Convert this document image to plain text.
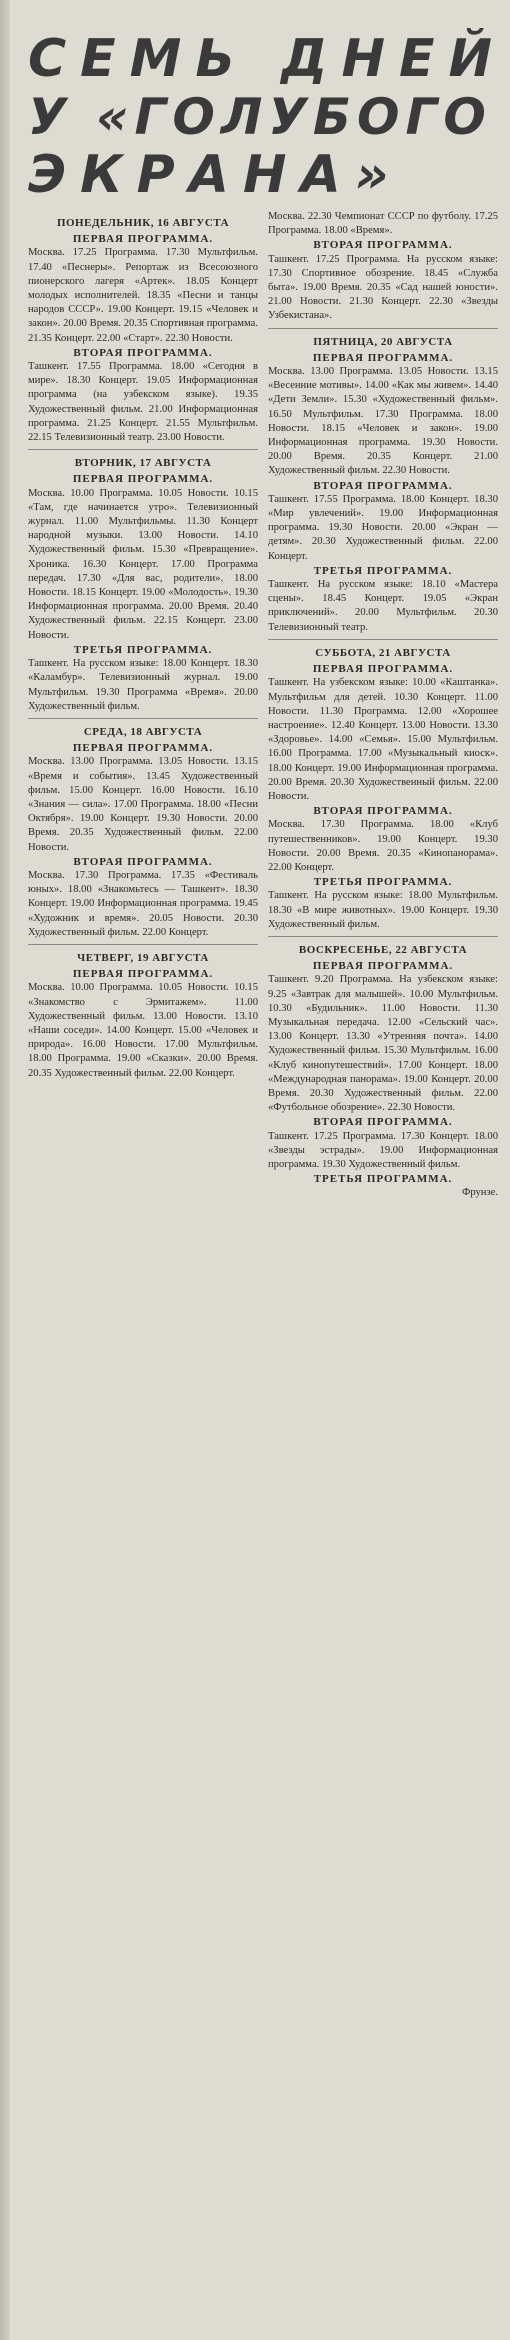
СЕМЬ ДНЕЙ
У «ГОЛУБОГО
ЭКРАНА»
ПОНЕДЕЛЬНИК, 16 АВГУСТА
ПЕРВАЯ ПРОГРАММА.

Москва. 17.25 Программа. 17.30 Мультфильм. 17.40 «Песнеры». Репортаж из Всесоюзного пионерского лагеря «Артек». 18.05 Концерт молодых исполнителей. 18.35 «Песни и танцы народов СССР». 19.00 Концерт. 19.15 «Человек и закон». 20.00 Время. 20.35 Спортивная программа. 21.35 Концерт. 22.00 «Старт». 22.30 Новости.

ВТОРАЯ ПРОГРАММА.

Ташкент. 17.55 Программа. 18.00 «Сегодня в мире». 18.30 Концерт. 19.05 Информационная программа (на узбекском языке). 19.35 Художественный фильм. 21.00 Информационная программа. 21.25 Концерт. 21.55 Мультфильм. 22.15 Телевизионный театр. 23.00 Новости.

ВТОРНИК, 17 АВГУСТА
ПЕРВАЯ ПРОГРАММА.

Москва. 10.00 Программа. 10.05 Новости. 10.15 «Там, где начинается утро». Телевизионный журнал. 11.00 Мультфильмы. 11.30 Концерт народной музыки. 13.00 Новости. 14.10 Художественный фильм. 15.30 «Превращение». Хроника. 16.30 Концерт. 17.00 Программа передач. 17.30 «Для вас, родители». 18.00 Новости. 18.15 Концерт. 19.00 «Молодость». 19.30 Информационная программа. 20.00 Время. 20.40 Художественный фильм. 22.15 Концерт. 23.00 Новости.

ТРЕТЬЯ ПРОГРАММА.

Ташкент. На русском языке: 18.00 Концерт. 18.30 «Каламбур». Телевизионный журнал. 19.00 Мультфильм. 19.30 Программа «Время». 20.00 Художественный фильм.

СРЕДА, 18 АВГУСТА
ПЕРВАЯ ПРОГРАММА.

Москва. 13.00 Программа. 13.05 Новости. 13.15 «Время и события». 13.45 Художественный фильм. 15.00 Концерт. 16.00 Новости. 16.10 «Знания — сила». 17.00 Программа. 18.00 «Песни Октября». 19.00 Концерт. 19.30 Новости. 20.00 Время. 20.35 Художественный фильм. 22.00 Новости.

ВТОРАЯ ПРОГРАММА.

Москва. 17.30 Программа. 17.35 «Фестиваль юных». 18.00 «Знакомьтесь — Ташкент». 18.30 Концерт. 19.00 Информационная программа. 19.45 «Художник и время». 20.05 Новости. 20.30 Художественный фильм. 22.00 Концерт.

ЧЕТВЕРГ, 19 АВГУСТА
ПЕРВАЯ ПРОГРАММА.

Москва. 10.00 Программа. 10.05 Новости. 10.15 «Знакомство с Эрмитажем». 11.00 Художественный фильм. 13.00 Новости. 13.10 «Наши соседи». 14.00 Концерт. 15.00 «Человек и природа». 16.00 Новости. 17.00 Мультфильм. 18.00 Программа. 19.00 «Сказки». 20.00 Время. 20.35 Художественный фильм. 22.00 Концерт.

Москва. 22.30 Чемпионат СССР по футболу. 17.25 Программа. 18.00 «Время».

ВТОРАЯ ПРОГРАММА.

Ташкент. 17.25 Программа. На русском языке: 17.30 Спортивное обозрение. 18.45 «Служба быта». 19.00 Время. 20.35 «Сад нашей юности». 21.00 Новости. 21.30 Концерт. 22.30 «Звезды Узбекистана».

ПЯТНИЦА, 20 АВГУСТА
ПЕРВАЯ ПРОГРАММА.

Москва. 13.00 Программа. 13.05 Новости. 13.15 «Весенние мотивы». 14.00 «Как мы живем». 14.40 «Дети Земли». 15.30 «Художественный фильм». 16.50 Мультфильм. 17.30 Программа. 18.00 Новости. 18.15 «Человек и закон». 19.00 Информационная программа. 19.30 Новости. 20.00 Время. 20.35 Концерт. 21.00 Художественный фильм. 22.30 Новости.

ВТОРАЯ ПРОГРАММА.

Ташкент. 17.55 Программа. 18.00 Концерт. 18.30 «Мир увлечений». 19.00 Информационная программа. 19.30 Новости. 20.00 «Экран — детям». 20.30 Художественный фильм. 22.00 Концерт.

ТРЕТЬЯ ПРОГРАММА.

Ташкент. На русском языке: 18.10 «Мастера сцены». 18.45 Концерт. 19.05 «Экран приключений». 20.00 Мультфильм. 20.30 Телевизионный театр.

СУББОТА, 21 АВГУСТА
ПЕРВАЯ ПРОГРАММА.

Ташкент. На узбекском языке: 10.00 «Каштанка». Мультфильм для детей. 10.30 Концерт. 11.00 Новости. 11.30 Программа. 12.00 «Хорошее настроение». 12.40 Концерт. 13.00 Новости. 13.30 «Здоровье». 14.00 «Семья». 15.00 Мультфильм. 16.00 Программа. 17.00 «Музыкальный киоск». 18.00 Концерт. 19.00 Информационная программа. 20.00 Время. 20.30 Художественный фильм. 22.00 Новости.

ВТОРАЯ ПРОГРАММА.

Москва. 17.30 Программа. 18.00 «Клуб путешественников». 19.00 Концерт. 19.30 Новости. 20.00 Время. 20.35 «Кинопанорама». 22.00 Концерт.

ТРЕТЬЯ ПРОГРАММА.

Ташкент. На русском языке: 18.00 Мультфильм. 18.30 «В мире животных». 19.00 Концерт. 19.30 Художественный фильм.

ВОСКРЕСЕНЬЕ, 22 АВГУСТА
ПЕРВАЯ ПРОГРАММА.

Ташкент. 9.20 Программа. На узбекском языке: 9.25 «Завтрак для малышей». 10.00 Мультфильм. 10.30 «Будильник». 11.00 Новости. 11.30 Музыкальная передача. 12.00 «Сельский час». 13.00 Концерт. 13.30 «Утренняя почта». 14.00 Художественный фильм. 15.30 Мультфильм. 16.00 «Клуб кинопутешествий». 17.00 Концерт. 18.00 «Международная панорама». 19.00 Концерт. 20.00 Время. 20.30 Художественный фильм. 22.00 «Футбольное обозрение». 22.30 Новости.

ВТОРАЯ ПРОГРАММА.

Ташкент. 17.25 Программа. 17.30 Концерт. 18.00 «Звезды эстрады». 19.00 Информационная программа. 19.30 Художественный фильм.

ТРЕТЬЯ ПРОГРАММА.

Фрунзе.
